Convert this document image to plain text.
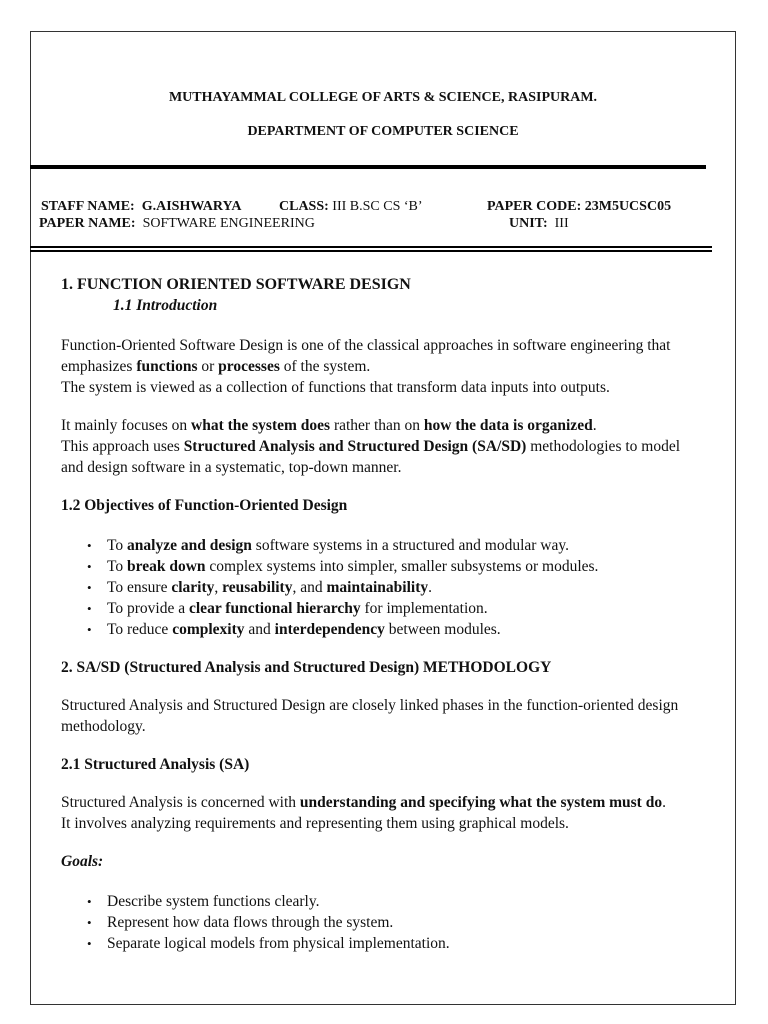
MUTHAYAMMAL COLLEGE OF ARTS & SCIENCE, RASIPURAM.
DEPARTMENT OF COMPUTER SCIENCE
STAFF NAME: G.AISHWARYA	CLASS: III B.SC CS ‘B’	PAPER CODE: 23M5UCSC05
PAPER NAME: SOFTWARE ENGINEERING	UNIT: III

1. FUNCTION ORIENTED SOFTWARE DESIGN

1.1 Introduction

Function-Oriented Software Design is one of the classical approaches in software engineering that emphasizes functions or processes of the system.

The system is viewed as a collection of functions that transform data inputs into outputs.

It mainly focuses on what the system does rather than on how the data is organized.

This approach uses Structured Analysis and Structured Design (SA/SD) methodologies to model and design software in a systematic, top-down manner.

1.2 Objectives of Function-Oriented Design

• To analyze and design software systems in a structured and modular way.
• To break down complex systems into simpler, smaller subsystems or modules.
• To ensure clarity, reusability, and maintainability.
• To provide a clear functional hierarchy for implementation.
• To reduce complexity and interdependency between modules.

2. SA/SD (Structured Analysis and Structured Design) METHODOLOGY

Structured Analysis and Structured Design are closely linked phases in the function-oriented design methodology.

2.1 Structured Analysis (SA)

Structured Analysis is concerned with understanding and specifying what the system must do.

It involves analyzing requirements and representing them using graphical models.

Goals:

• Describe system functions clearly.
• Represent how data flows through the system.
• Separate logical models from physical implementation.
